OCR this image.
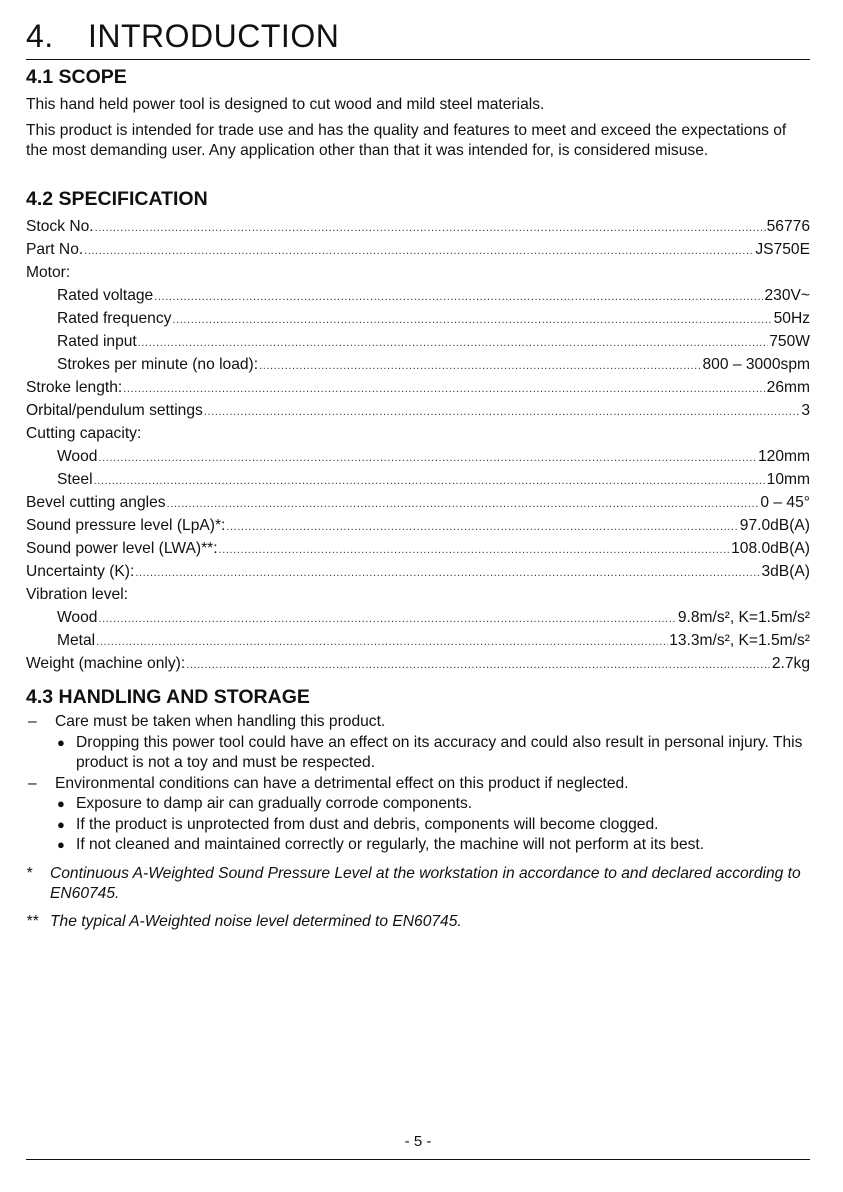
4. INTRODUCTION
4.1 SCOPE

This hand held power tool is designed to cut wood and mild steel materials.

This product is intended for trade use and has the quality and features to meet and exceed the expectations of the most demanding user. Any application other than that it was intended for, is considered misuse.

4.2 SPECIFICATION
Stock No. .....	56776
Part No. .....	JS750E
Motor:
Rated voltage .....	230V~
Rated frequency .....	50Hz
Rated input .....	750W
Strokes per minute (no load): .....	800 – 3000spm
Stroke length: .....	26mm
Orbital/pendulum settings .....	3
Cutting capacity:
Wood .....	120mm
Steel .....	10mm
Bevel cutting angles .....	0 – 45°
Sound pressure level (LpA)*: .....	97.0dB(A)
Sound power level (LWA)**: .....	108.0dB(A)
Uncertainty (K): .....	3dB(A)
Vibration level:
Wood .....	9.8m/s², K=1.5m/s²
Metal .....	13.3m/s², K=1.5m/s²
Weight (machine only): .....	2.7kg
4.3 HANDLING AND STORAGE
– Care must be taken when handling this product.
● Dropping this power tool could have an effect on its accuracy and could also result in personal injury. This product is not a toy and must be respected.
– Environmental conditions can have a detrimental effect on this product if neglected.
● Exposure to damp air can gradually corrode components.
● If the product is unprotected from dust and debris, components will become clogged.
● If not cleaned and maintained correctly or regularly, the machine will not perform at its best.
* Continuous A-Weighted Sound Pressure Level at the workstation in accordance to and declared according to EN60745.
** The typical A-Weighted noise level determined to EN60745.
- 5 -
